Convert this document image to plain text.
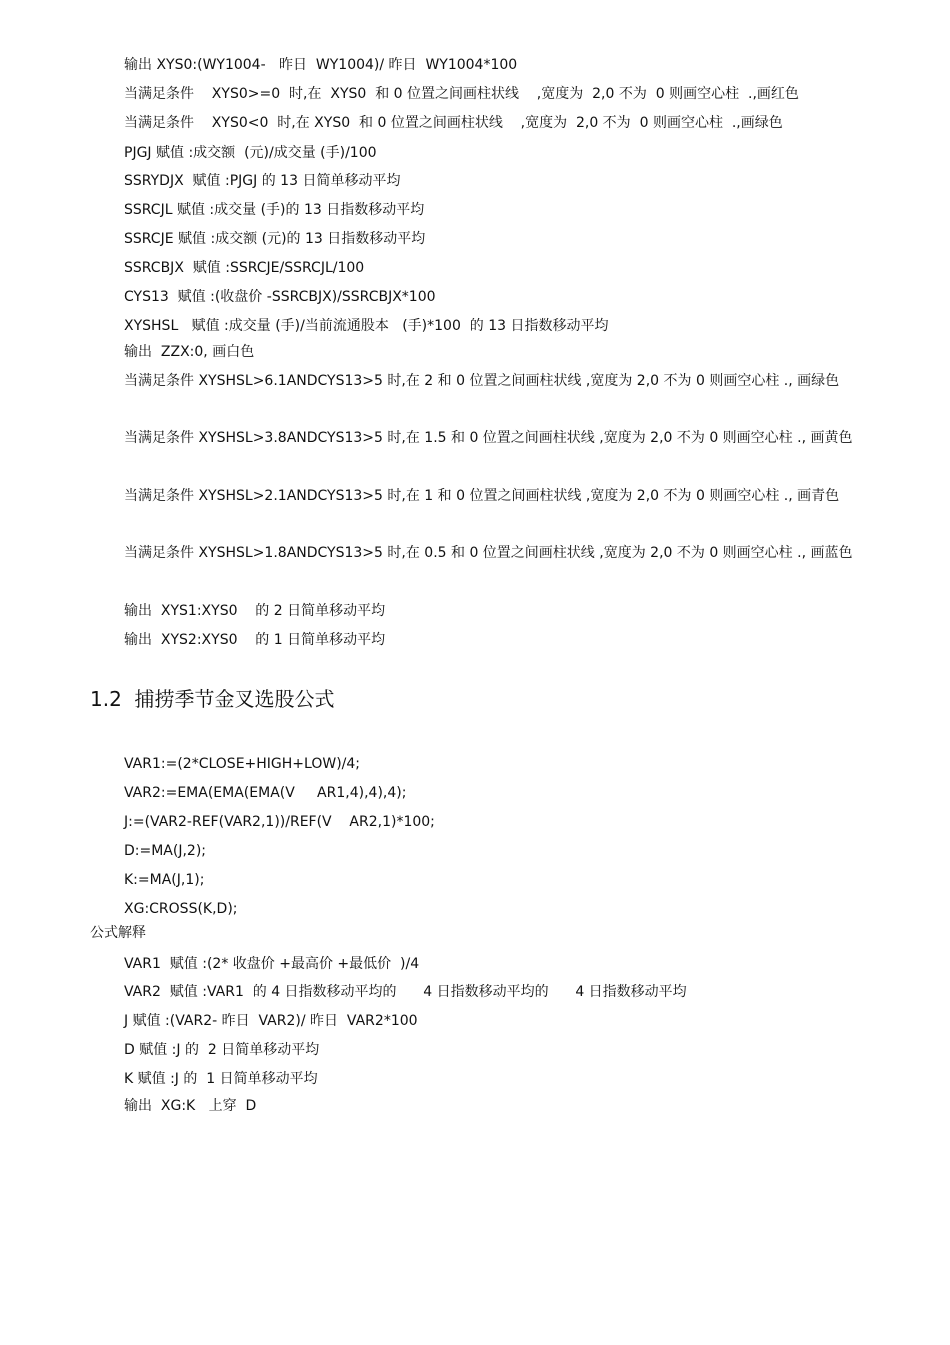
输出 XYS0:(WY1004-   昨日  WY1004)/ 昨日  WY1004*100
当满足条件    XYS0>=0  时,在  XYS0  和 0 位置之间画柱状线    ,宽度为  2,0 不为  0 则画空心柱  .,画红色
当满足条件    XYS0<0  时,在 XYS0  和 0 位置之间画柱状线    ,宽度为  2,0 不为  0 则画空心柱  .,画绿色
PJGJ 赋值 :成交额  (元)/成交量 (手)/100
SSRYDJX  赋值 :PJGJ 的 13 日简单移动平均
SSRCJL 赋值 :成交量 (手)的 13 日指数移动平均
SSRCJE 赋值 :成交额 (元)的 13 日指数移动平均
SSRCBJX  赋值 :SSRCJE/SSRCJL/100
CYS13  赋值 :(收盘价 -SSRCBJX)/SSRCBJX*100
XYSHSL   赋值 :成交量 (手)/当前流通股本   (手)*100  的 13 日指数移动平均
输出  ZZX:0, 画白色
当满足条件 XYSHSL>6.1ANDCYS13>5 时,在 2 和 0 位置之间画柱状线 ,宽度为 2,0 不为 0 则画空心柱 ., 画绿色
当满足条件 XYSHSL>3.8ANDCYS13>5 时,在 1.5 和 0 位置之间画柱状线 ,宽度为 2,0 不为 0 则画空心柱 ., 画黄色
当满足条件 XYSHSL>2.1ANDCYS13>5 时,在 1 和 0 位置之间画柱状线 ,宽度为 2,0 不为 0 则画空心柱 ., 画青色
当满足条件 XYSHSL>1.8ANDCYS13>5 时,在 0.5 和 0 位置之间画柱状线 ,宽度为 2,0 不为 0 则画空心柱 ., 画蓝色
输出  XYS1:XYS0    的 2 日简单移动平均
输出  XYS2:XYS0    的 1 日简单移动平均
1.2  捕捞季节金叉选股公式
VAR1:=(2*CLOSE+HIGH+LOW)/4;
VAR2:=EMA(EMA(EMA(V     AR1,4),4),4);
J:=(VAR2-REF(VAR2,1))/REF(V    AR2,1)*100;
D:=MA(J,2);
K:=MA(J,1);
XG:CROSS(K,D);
公式解释
VAR1  赋值 :(2* 收盘价 +最高价 +最低价  )/4
VAR2  赋值 :VAR1  的 4 日指数移动平均的      4 日指数移动平均的      4 日指数移动平均
J 赋值 :(VAR2- 昨日  VAR2)/ 昨日  VAR2*100
D 赋值 :J 的  2 日简单移动平均
K 赋值 :J 的  1 日简单移动平均
输出  XG:K   上穿  D
